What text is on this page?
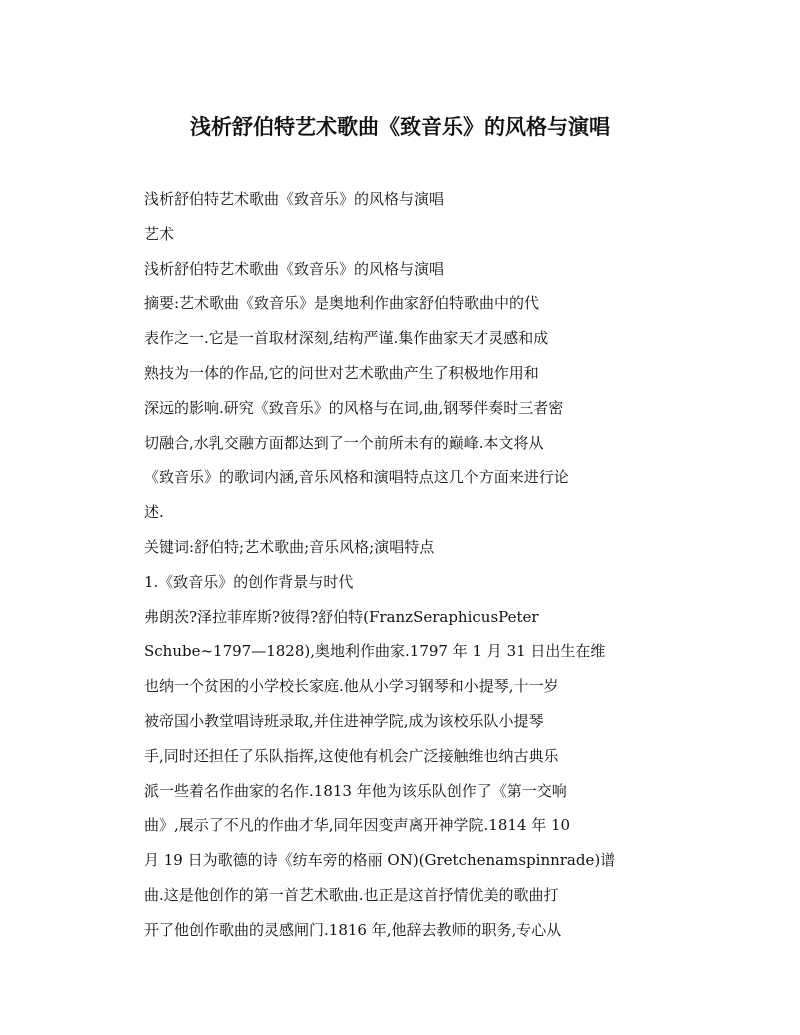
浅析舒伯特艺术歌曲《致音乐》的风格与演唱
浅析舒伯特艺术歌曲《致音乐》的风格与演唱
艺术
浅析舒伯特艺术歌曲《致音乐》的风格与演唱
摘要:艺术歌曲《致音乐》是奥地利作曲家舒伯特歌曲中的代
表作之一.它是一首取材深刻,结构严谨.集作曲家天才灵感和成
熟技为一体的作品,它的问世对艺术歌曲产生了积极地作用和
深远的影响.研究《致音乐》的风格与在词,曲,钢琴伴奏时三者密
切融合,水乳交融方面都达到了一个前所未有的巅峰.本文将从
《致音乐》的歌词内涵,音乐风格和演唱特点这几个方面来进行论
述.
关键词:舒伯特;艺术歌曲;音乐风格;演唱特点
1.《致音乐》的创作背景与时代
弗朗茨?泽拉菲库斯?彼得?舒伯特(FranzSeraphicusPeter
Schube~1797—1828),奥地利作曲家.1797 年 1 月 31 日出生在维
也纳一个贫困的小学校长家庭.他从小学习钢琴和小提琴,十一岁
被帝国小教堂唱诗班录取,并住进神学院,成为该校乐队小提琴
手,同时还担任了乐队指挥,这使他有机会广泛接触维也纳古典乐
派一些着名作曲家的名作.1813 年他为该乐队创作了《第一交响
曲》,展示了不凡的作曲才华,同年因变声离开神学院.1814 年 10
月 19 日为歌德的诗《纺车旁的格丽 ON)(Gretchenamspinnrade)谱
曲.这是他创作的第一首艺术歌曲.也正是这首抒情优美的歌曲打
开了他创作歌曲的灵感闸门.1816 年,他辞去教师的职务,专心从
